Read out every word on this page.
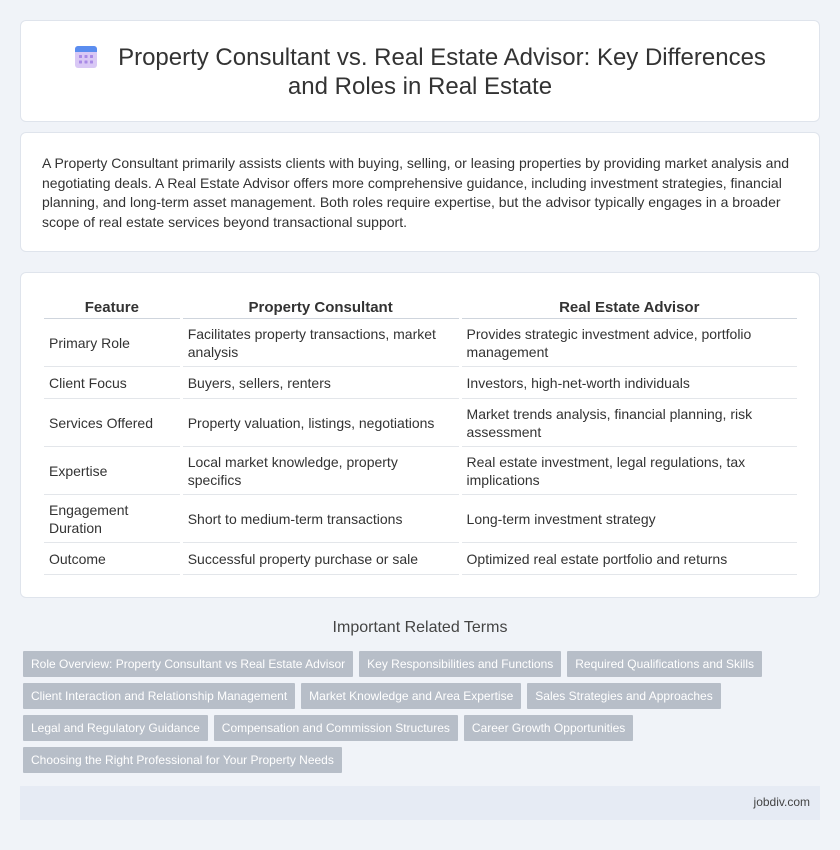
Property Consultant vs. Real Estate Advisor: Key Differences and Roles in Real Estate

A Property Consultant primarily assists clients with buying, selling, or leasing properties by providing market analysis and negotiating deals. A Real Estate Advisor offers more comprehensive guidance, including investment strategies, financial planning, and long-term asset management. Both roles require expertise, but the advisor typically engages in a broader scope of real estate services beyond transactional support.

Feature	Property Consultant	Real Estate Advisor
Primary Role	Facilitates property transactions, market analysis	Provides strategic investment advice, portfolio management
Client Focus	Buyers, sellers, renters	Investors, high-net-worth individuals
Services Offered	Property valuation, listings, negotiations	Market trends analysis, financial planning, risk assessment
Expertise	Local market knowledge, property specifics	Real estate investment, legal regulations, tax implications
Engagement Duration	Short to medium-term transactions	Long-term investment strategy
Outcome	Successful property purchase or sale	Optimized real estate portfolio and returns
Important Related Terms
Role Overview: Property Consultant vs Real Estate Advisor Key Responsibilities and Functions Required Qualifications and SkillsClient Interaction and Relationship Management Market Knowledge and Area Expertise Sales Strategies and ApproachesLegal and Regulatory Guidance Compensation and Commission Structures Career Growth OpportunitiesChoosing the Right Professional for Your Property Needs
jobdiv.com
